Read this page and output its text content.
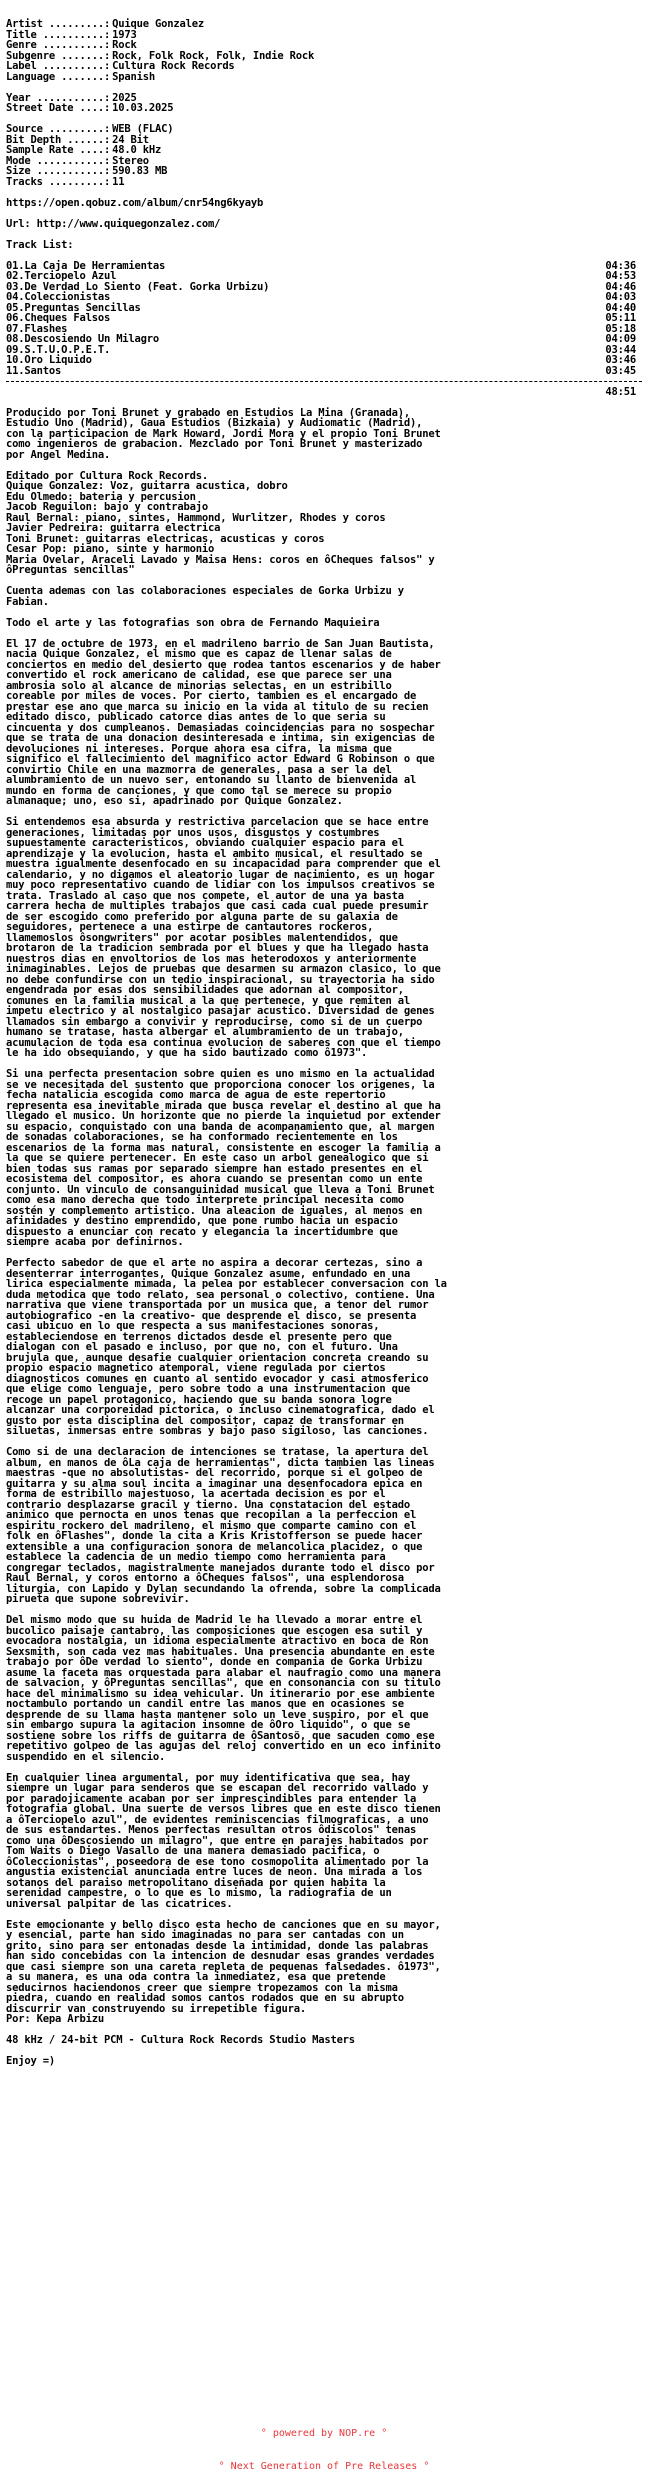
Artist .........: Quique Gonzalez
Title ..........: 1973
Genre ..........: Rock
Subgenre .......: Rock, Folk Rock, Folk, Indie Rock
Label ..........: Cultura Rock Records
Language .......: Spanish
Year ...........: 2025
Street Date ....: 10.03.2025
Source .........: WEB (FLAC)
Bit Depth ......: 24 Bit
Sample Rate ....: 48.0 kHz
Mode ...........: Stereo
Size ...........: 590.83 MB
Tracks .........: 11
https://open.qobuz.com/album/cnr54ng6kyayb
Url: http://www.quiquegonzalez.com/
Track List:
01.La Caja De Herramientas	04:36
02.Terciopelo Azul	04:53
03.De Verdad Lo Siento (Feat. Gorka Urbizu)	04:46
04.Coleccionistas	04:03
05.Preguntas Sencillas	04:40
06.Cheques Falsos	05:11
07.Flashes	05:18
08.Descosiendo Un Milagro	04:09
09.S.T.U.O.P.E.T.	03:44
10.Oro Liquido	03:46
11.Santos	03:45
48:51
Producido por Toni Brunet y grabado en Estudios La Mina (Granada),
Estudio Uno (Madrid), Gaua Estudios (Bizkaia) y Audiomatic (Madrid),
con la participacion de Mark Howard, Jordi Mora y el propio Toni Brunet
como ingenieros de grabacion. Mezclado por Toni Brunet y masterizado
por Angel Medina.
Editado por Cultura Rock Records.
Quique Gonzalez: Voz, guitarra acustica, dobro
Edu Olmedo: bateria y percusion
Jacob Reguilon: bajo y contrabajo
Raul Bernal: piano, sintes, Hammond, Wurlitzer, Rhodes y coros
Javier Pedreira: guitarra electrica
Toni Brunet: guitarras electricas, acusticas y coros
Cesar Pop: piano, sinte y harmonio
Maria Ovelar, Araceli Lavado y Maisa Hens: coros en ôCheques falsos" y
ôPreguntas sencillas"
Cuenta ademas con las colaboraciones especiales de Gorka Urbizu y
Fabian.
Todo el arte y las fotografias son obra de Fernando Maquieira
El 17 de octubre de 1973, en el madrileno barrio de San Juan Bautista,
nacia Quique Gonzalez, el mismo que es capaz de llenar salas de
conciertos en medio del desierto que rodea tantos escenarios y de haber
convertido el rock americano de calidad, ese que parece ser una
ambrosia solo al alcance de minorias selectas, en un estribillo
coreable por miles de voces. Por cierto, tambien es el encargado de
prestar ese ano que marca su inicio en la vida al titulo de su recien
editado disco, publicado catorce dias antes de lo que seria su
cincuenta y dos cumpleanos. Demasiadas coincidencias para no sospechar
que se trata de una donacion desinteresada e intima, sin exigencias de
devoluciones ni intereses. Porque ahora esa cifra, la misma que
significo el fallecimiento del magnifico actor Edward G Robinson o que
convirtio Chile en una mazmorra de generales, pasa a ser la del
alumbramiento de un nuevo ser, entonando su llanto de bienvenida al
mundo en forma de canciones, y que como tal se merece su propio
almanaque; uno, eso si, apadrinado por Quique Gonzalez.
Si entendemos esa absurda y restrictiva parcelacion que se hace entre
generaciones, limitadas por unos usos, disgustos y costumbres
supuestamente caracteristicos, obviando cualquier espacio para el
aprendizaje y la evolucion, hasta el ambito musical, el resultado se
muestra igualmente desenfocado en su incapacidad para comprender que el
calendario, y no digamos el aleatorio lugar de nacimiento, es un hogar
muy poco representativo cuando de lidiar con los impulsos creativos se
trata. Traslado al caso que nos compete, el autor de una ya basta
carrera hecha de multiples trabajos que casi cada cual puede presumir
de ser escogido como preferido por alguna parte de su galaxia de
seguidores, pertenece a una estirpe de cantautores rockeros,
llamemoslos ôsongwriters" por acotar posibles malentendidos, que
brotaron de la tradicion sembrada por el blues y que ha llegado hasta
nuestros dias en envoltorios de los mas heterodoxos y anteriormente
inimaginables. Lejos de pruebas que desarmen su armazon clasico, lo que
no debe confundirse con un tedio inspiracional, su trayectoria ha sido
engendrada por esas dos sensibilidades que adornan al compositor,
comunes en la familia musical a la que pertenece, y que remiten al
impetu electrico y al nostalgico pasajar acustico. Diversidad de genes
llamados sin embargo a convivir y reproducirse, como si de un cuerpo
humano se tratase, hasta albergar el alumbramiento de un trabajo,
acumulacion de toda esa continua evolucion de saberes con que el tiempo
le ha ido obsequiando, y que ha sido bautizado como ô1973".
Si una perfecta presentacion sobre quien es uno mismo en la actualidad
se ve necesitada del sustento que proporciona conocer los origenes, la
fecha natalicia escogida como marca de agua de este repertorio
representa esa inevitable mirada que busca revelar el destino al que ha
llegado el musico. Un horizonte que no pierde la inquietud por extender
su espacio, conquistado con una banda de acompanamiento que, al margen
de sonadas colaboraciones, se ha conformado recientemente en los
escenarios de la forma mas natural, consistente en escoger la familia a
la que se quiere pertenecer. En este caso un arbol genealogico que si
bien todas sus ramas por separado siempre han estado presentes en el
ecosistema del compositor, es ahora cuando se presentan como un ente
conjunto. Un vinculo de consanguinidad musical que lleva a Toni Brunet
como esa mano derecha que todo interprete principal necesita como
sostén y complemento artistico. Una aleacion de iguales, al menos en
afinidades y destino emprendido, que pone rumbo hacia un espacio
dispuesto a enunciar con recato y elegancia la incertidumbre que
siempre acaba por definirnos.
Perfecto sabedor de que el arte no aspira a decorar certezas, sino a
desenterrar interrogantes, Quique Gonzalez asume, enfundado en una
lirica especialmente mimada, la pelea por establecer conversacion con la
duda metodica que todo relato, sea personal o colectivo, contiene. Una
narrativa que viene transportada por un musica que, a tenor del rumor
autobiografico -en la creativo- que desprende el disco, se presenta
casi ubicuo en lo que respecta a sus manifestaciones sonoras,
estableciendose en terrenos dictados desde el presente pero que
dialogan con el pasado e incluso, por que no, con el futuro. Una
brujula que, aunque desafie cualquier orientacion concreta creando su
propio espacio magnetico atemporal, viene regulada por ciertos
diagnosticos comunes en cuanto al sentido evocador y casi atmosferico
que elige como lenguaje, pero sobre todo a una instrumentacion que
recoge un papel protagonico, haciendo que su banda sonora logre
alcanzar una corporeidad pictorica, o incluso cinematografica, dado el
gusto por esta disciplina del compositor, capaz de transformar en
siluetas, inmersas entre sombras y bajo paso sigiloso, las canciones.
Como si de una declaracion de intenciones se tratase, la apertura del
album, en manos de ôLa caja de herramientas", dicta tambien las lineas
maestras -que no absolutistas- del recorrido, porque si el golpeo de
guitarra y su alma soul incita a imaginar una desenfocadora epica en
forma de estribillo majestuoso, la acertada decision es por el
contrario desplazarse gracil y tierno. Una constatacion del estado
animico que pernocta en unos tenas que recopilan a la perfeccion el
espiritu rockero del madrileno, el mismo que comparte camino con el
folk en ôFlashes", donde la cita a Kris Kristofferson se puede hacer
extensible a una configuracion sonora de melancolica placidez, o que
establece la cadencia de un medio tiempo como herramienta para
congregar teclados, magistralmente manejados durante todo el disco por
Raul Bernal, y coros entorno a ôCheques falsos", una esplendorosa
liturgia, con Lapido y Dylan secundando la ofrenda, sobre la complicada
pirueta que supone sobrevivir.
Del mismo modo que su huida de Madrid le ha llevado a morar entre el
bucolico paisaje cantabro, las composiciones que escogen esa sutil y
evocadora nostalgia, un idioma especialmente atractivo en boca de Ron
Sexsmith, son cada vez mas habituales. Una presencia abundante en este
trabajo por ôDe verdad lo siento", donde en compania de Gorka Urbizu
asume la faceta mas orquestada para alabar el naufragio como una manera
de salvacion, y ôPreguntas sencillas", que en consonancia con su titulo
hace del minimalismo su idea vehicular. Un itinerario por ese ambiente
noctambulo portando un candil entre las manos que en ocasiones se
desprende de su llama hasta mantener solo un leve suspiro, por el que
sin embargo supura la agitacion insomne de ôOro liquido", o que se
sostiene sobre los riffs de guitarra de ôSantosö, que sacuden como ese
repetitivo golpeo de las agujas del reloj convertido en un eco infinito
suspendido en el silencio.
En cualquier linea argumental, por muy identificativa que sea, hay
siempre un lugar para senderos que se escapan del recorrido vallado y
por paradojicamente acaban por ser imprescindibles para entender la
fotografia global. Una suerte de versos libres que en este disco tienen
a ôTerciopelo azul", de evidentes reminiscencias filmograficas, a uno
de sus estandartes. Menos perfectas resultan otros ôdiscolos" tenas
como una ôDescosiendo un milagro", que entre en parajes habitados por
Tom Waits o Diego Vasallo de una manera demasiado pacifica, o
ôColeccionistas", poseedora de ese tono cosmopolita alimentado por la
angustia existencial anunciada entre luces de neon. Una mirada a los
sotanos del paraiso metropolitano diseñada por quien habita la
serenidad campestre, o lo que es lo mismo, la radiografia de un
universal palpitar de las cicatrices.
Este emocionante y bello disco esta hecho de canciones que en su mayor,
y esencial, parte han sido imaginadas no para ser cantadas con un
grito, sino para ser entonadas desde la intimidad, donde las palabras
han sido concebidas con la intencion de desnudar esas grandes verdades
que casi siempre son una careta repleta de pequenas falsedades. ô1973",
a su manera, es una oda contra la inmediatez, esa que pretende
seducirnos haciendonos creer que siempre tropezamos con la misma
piedra, cuando en realidad somos cantos rodados que en su abrupto
discurrir van construyendo su irrepetible figura.
Por: Kepa Arbizu
48 kHz / 24-bit PCM - Cultura Rock Records Studio Masters
Enjoy =)

° powered by NOP.re °

° Next Generation of Pre Releases °
